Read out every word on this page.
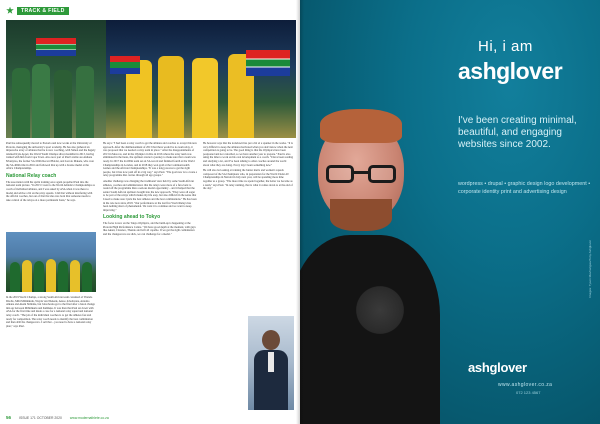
TRACK & FIELD

Paul has subsequently moved to Pretoria and now works at the University of Pretoria, managing the university's sport academy. He has also gathered an impressive array of athletes that he is now coaching, with Simon and the hugely talented Kyle Appel, the World Youth Champs silver medallist in 2013, having trained with him from Cape Town. Also now part of Paul's stable are Akhona Mvunyiso, the former SA 100m Record Holder, and Luvolo Makele, who won the SA 400m title in 2016 and followed that up with a bronze medal at the Africa Championships.

National Relay coach

The association with his sprint training once again propelled Paul into the national team picture. "In 2015 I went to the World Athletics Championships as coach of individual athletes, and I was asked by ASA when it was there to model and advise a bit on the relay squads. I did that without interfering with the official coaches, but out of that the idea was born that someone needs to take control of the relays on a more permanent basis," he says.

In the 2019 World Champs, a strong South African team consisted of Thando Dlodlo, Mthi Mthimkulu, Wayde van Niekerk, Anaso Jobodwana, Antonio Alkana and Akani Simbine, but Jobodwana got to the final after a baton change mix-up between Mthimkulu and Kubheka. It was then that Paul sat down with ASA for the first time and made a case for a national relay squad and national relay coach. "The job of the individual coaches is to get the athletes fast and ready for competition. The relay coach needs to identify the best combination and then drill the changeovers. I sell that – you need to have a national relay plan," says Paul.

He says: "I had been a relay coach to get the athletes and coaches to accept this new approach. After the disillusionment of 2013 that there would be no team relay, it was proposed that we needed a relay team in place." After the disappointments of 2013 in Moscow, and in the Olympics in Rio in 2016 where the relay team was eliminated in the heats, the sprinters started a journey to make sure that a team was ready. In 2017 the 4x100m team set an SA record and finished fourth at the World Championships in London, and in 2018 they won gold at the Commonwealth Games and the African Championships. "It was a long process to get the right people, but it has now paid off in a big way," says Paul. "The goal now is to create a relay programme that carries through all age groups."

Another challenge was changing the traditional view held by some South African athletes, coaches and administrators that the relays were more of a fun event to round off the programme than a serious medal opportunity – and it helped that the senior South African sprinters bought into the new approach. "They were all eager to be part of the relays which makes my life easy, but also difficult in the sense that I need to make sure I pick the best athletes and the best combinations." He has been in the role now since 2018. "Our performance at the last five World Relays has been nothing short of phenomenal. We want it to continue and we want to keep improving."

Looking ahead to Tokyo

The focus is now on the Tokyo Olympics, and the build-up is happening at the Pretoria High Performance Centre. "We have good depth at the moment, with guys like Akani, Clarence, Thando and Gift all capable. If we get the right combination and the changeovers are slick, we can challenge for a medal."

He however says that the lockdown has put a bit of a spanner in the works. "It is very difficult to keep the athletes motivated when you don't know when the next competition is going to be. The good thing is that the Olympics have been postponed and not cancelled, so we have another year to prepare." Paul is also using the time to work on his own development as a coach. "I have been reading and studying a lot, and I've been talking to other coaches around the world about what they are doing. Every day I learn something new."

He will also be looking at training the Junior men's and women's squads composed of the SA Champions who, in preparation for the World Under-20 Championships in Nairobi in July next year, will be spending more time together as a group. "The more time we spend together, the better we become as a team," says Paul. "In relay running, that is what it comes down to at the end of the day."

56 ISSUE 171 OCTOBER 2020 www.modernathlete.co.za
Hi, i am
ashglover
I've been creating minimal, beautiful, and engaging websites since 2002.
wordpress • drupal • graphic design logo development • corporate identity print and advertising design
ashglover
www.ashglover.co.za
072 123 4567
Images: Tyson Mavhangwa/Tony Ashglover
